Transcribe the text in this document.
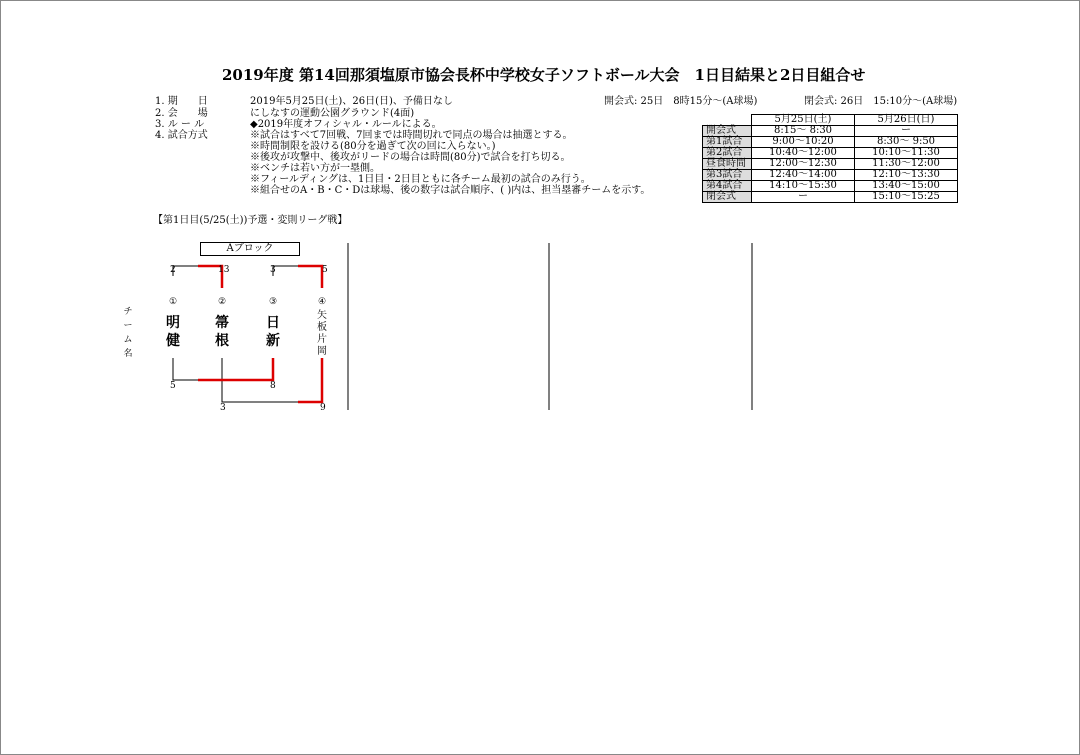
2019年度 第14回那須塩原市協会長杯中学校女子ソフトボール大会　1日目結果と2日目組合せ
1. 期　　日	2019年5月25日(土)、26日(日)、予備日なし
2. 会　　場	にしなすの運動公園グラウンド(4面)
3. ル ー ル	◆2019年度オフィシャル・ルールによる。
4. 試合方式	※試合はすべて7回戦、7回までは時間切れで同点の場合は抽選とする。
※時間制限を設ける(80分を過ぎて次の回に入らない。)
※後攻が攻撃中、後攻がリードの場合は時間(80分)で試合を打ち切る。
※ベンチは若い方が一塁側。
※フィールディングは、1日目・2日目ともに各チーム最初の試合のみ行う。
※組合せのA・B・C・Dは球場、後の数字は試合順序、( )内は、担当塁審チームを示す。
開会式: 25日　8時15分～(A球場)	閉会式: 26日　15:10分～(A球場)
	5月25日(土)	5月26日(日)
開会式	8:15～ 8:30	ー
第1試合	9:00～10:20	8:30～ 9:50
第2試合	10:40～12:00	10:10～11:30
昼食時間	12:00～12:30	11:30～12:00
第3試合	12:40～14:00	12:10～13:30
第4試合	14:10～15:30	13:40～15:00
閉会式	ー	15:10～15:25
【第1日目(5/25(土))予選・変則リーグ戦】
チ
ー
ム
名
Aブロック
2	13	3	5
①	②	③	④
明
健
箒
根
日
新
矢
板
片
岡
5	8
3	9
